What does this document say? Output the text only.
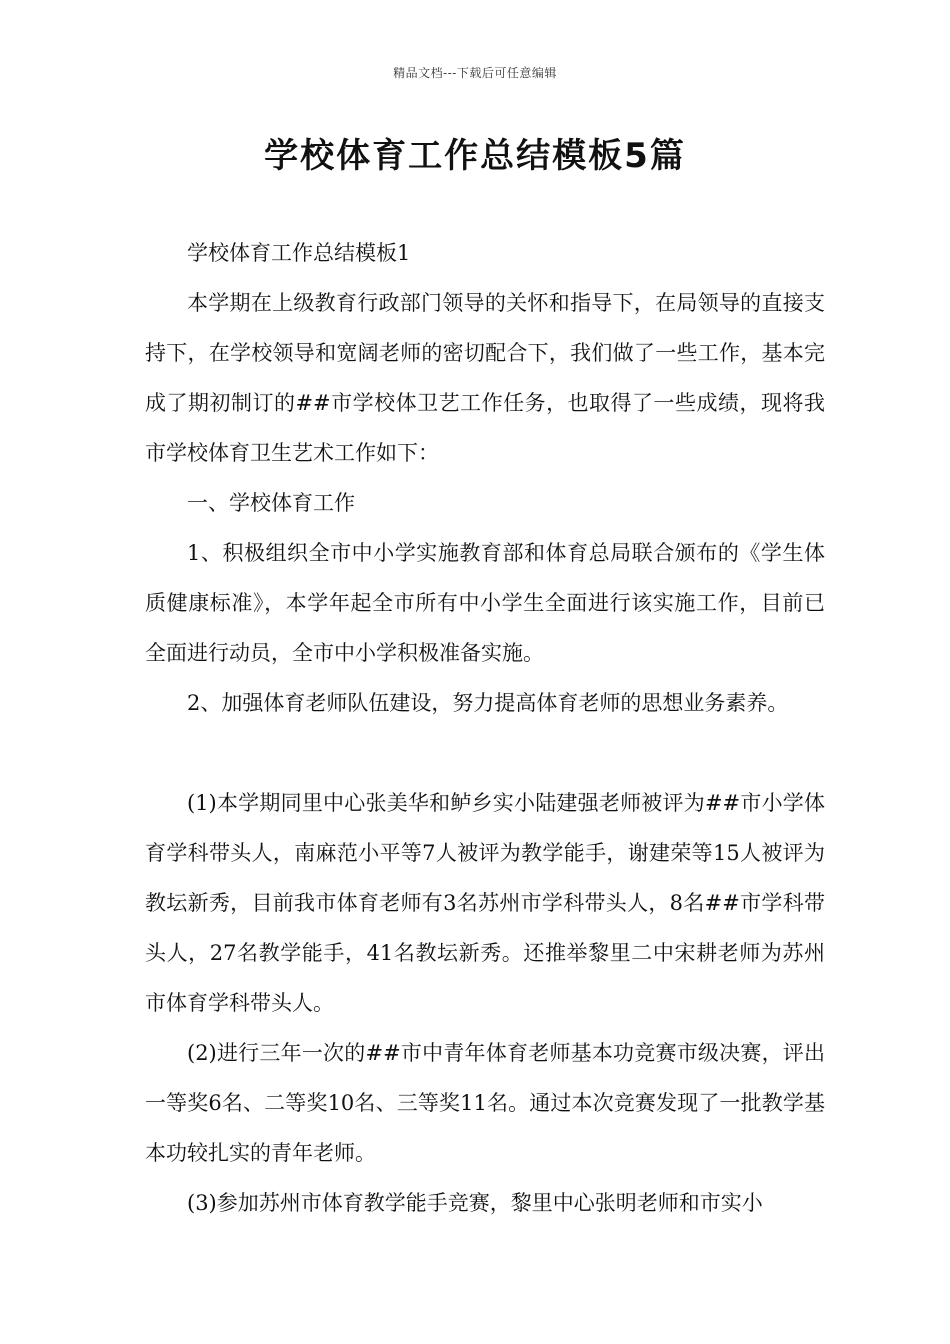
精品文档---下载后可任意编辑
学校体育工作总结模板5篇

学校体育工作总结模板1

本学期在上级教育行政部门领导的关怀和指导下，在局领导的直接支持下，在学校领导和宽阔老师的密切配合下，我们做了一些工作，基本完成了期初制订的##市学校体卫艺工作任务，也取得了一些成绩，现将我市学校体育卫生艺术工作如下：

一、学校体育工作

1、积极组织全市中小学实施教育部和体育总局联合颁布的《学生体质健康标准》，本学年起全市所有中小学生全面进行该实施工作，目前已全面进行动员，全市中小学积极准备实施。

2、加强体育老师队伍建设，努力提高体育老师的思想业务素养。

(1)本学期同里中心张美华和鲈乡实小陆建强老师被评为##市小学体育学科带头人，南麻范小平等7人被评为教学能手，谢建荣等15人被评为教坛新秀，目前我市体育老师有3名苏州市学科带头人，8名##市学科带头人，27名教学能手，41名教坛新秀。还推举黎里二中宋耕老师为苏州市体育学科带头人。

(2)进行三年一次的##市中青年体育老师基本功竞赛市级决赛，评出一等奖6名、二等奖10名、三等奖11名。通过本次竞赛发现了一批教学基本功较扎实的青年老师。

(3)参加苏州市体育教学能手竞赛，黎里中心张明老师和市实小
